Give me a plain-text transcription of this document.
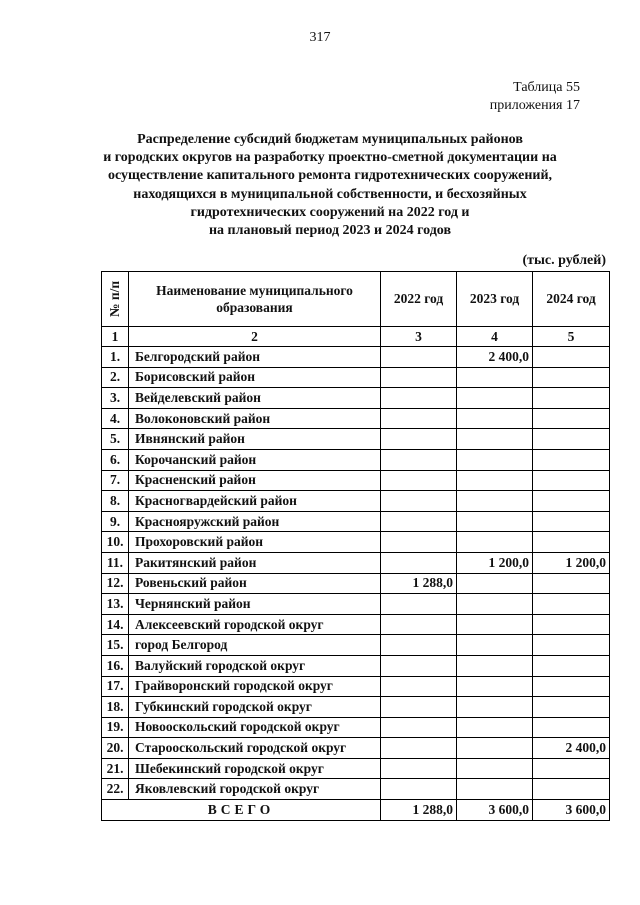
317
Таблица 55
приложения 17
Распределение субсидий бюджетам муниципальных районов
и городских округов на разработку проектно-сметной документации на
осуществление капитального ремонта гидротехнических сооружений,
находящихся в муниципальной собственности, и бесхозяйных
гидротехнических сооружений на 2022 год и
на плановый период 2023 и 2024 годов
(тыс. рублей)
№ п/п	Наименование муниципального образования	2022 год	2023 год	2024 год
1	2	3	4	5
1.	Белгородский район		2 400,0	
2.	Борисовский район			
3.	Вейделевский район			
4.	Волоконовский район			
5.	Ивнянский район			
6.	Корочанский район			
7.	Красненский район			
8.	Красногвардейский район			
9.	Краснояружский район			
10.	Прохоровский район			
11.	Ракитянский район		1 200,0	1 200,0
12.	Ровеньский район	1 288,0		
13.	Чернянский район			
14.	Алексеевский городской округ			
15.	город Белгород			
16.	Валуйский городской округ			
17.	Грайворонский городской округ			
18.	Губкинский городской округ			
19.	Новооскольский городской округ			
20.	Старооскольский городской округ			2 400,0
21.	Шебекинский городской округ			
22.	Яковлевский городской округ			
ВСЕГО		1 288,0	3 600,0	3 600,0
